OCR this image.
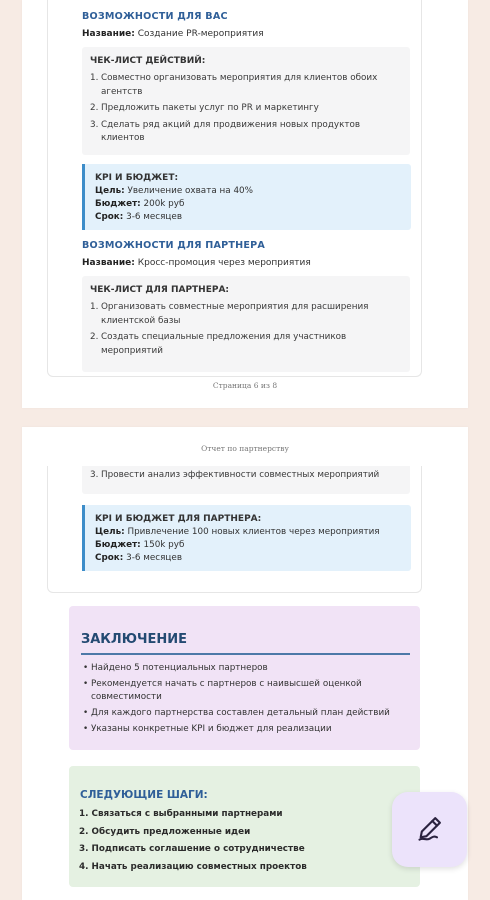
Страница 6 из 8
ВОЗМОЖНОСТИ ДЛЯ ВАС
Название: Создание PR-мероприятия
ЧЕК-ЛИСТ ДЕЙСТВИЙ:
1. Совместно организовать мероприятия для клиентов обоих агентств
2. Предложить пакеты услуг по PR и маркетингу
3. Сделать ряд акций для продвижения новых продуктов клиентов
KPI И БЮДЖЕТ:
Цель: Увеличение охвата на 40%
Бюджет: 200k руб
Срок: 3-6 месяцев
ВОЗМОЖНОСТИ ДЛЯ ПАРТНЕРА
Название: Кросс-промоция через мероприятия
ЧЕК-ЛИСТ ДЛЯ ПАРТНЕРА:
1. Организовать совместные мероприятия для расширения клиентской базы
2. Создать специальные предложения для участников мероприятий
Отчет по партнерству
3. Провести анализ эффективности совместных мероприятий
KPI И БЮДЖЕТ ДЛЯ ПАРТНЕРА:
Цель: Привлечение 100 новых клиентов через мероприятия
Бюджет: 150k руб
Срок: 3-6 месяцев
ЗАКЛЮЧЕНИЕ
• Найдено 5 потенциальных партнеров
• Рекомендуется начать с партнеров с наивысшей оценкой совместимости
• Для каждого партнерства составлен детальный план действий
• Указаны конкретные KPI и бюджет для реализации
СЛЕДУЮЩИЕ ШАГИ:
1. Связаться с выбранными партнерами
2. Обсудить предложенные идеи
3. Подписать соглашение о сотрудничестве
4. Начать реализацию совместных проектов
